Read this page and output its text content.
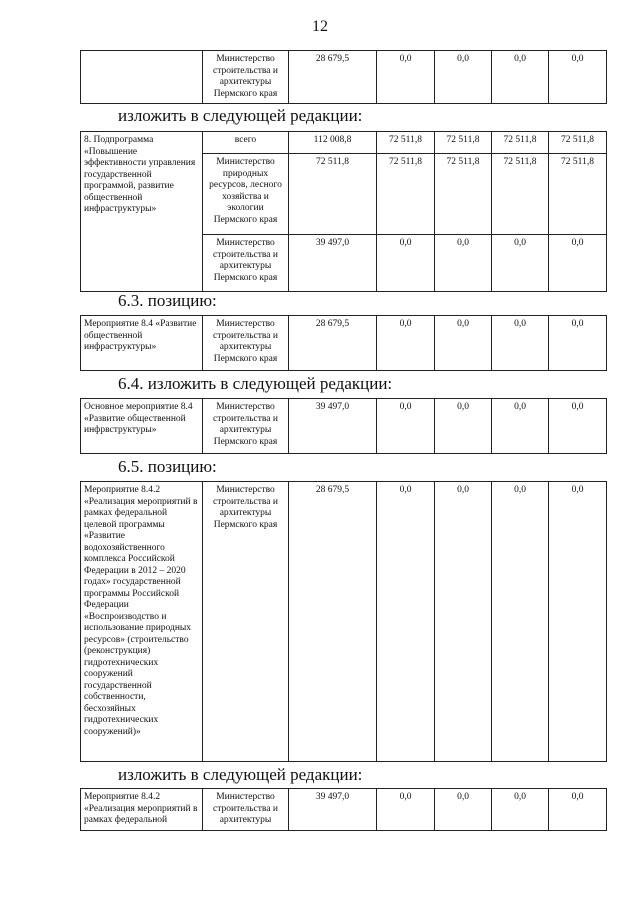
12
	Министерство строительства и архитектуры Пермского края	28 679,5	0,0	0,0	0,0	0,0
изложить в следующей редакции:
8. Подпрограмма «Повышение эффективности управления государственной программой, развитие общественной инфраструктуры»	всего	112 008,8	72 511,8	72 511,8	72 511,8	72 511,8
	Министерство природных ресурсов, лесного хозяйства и экологии Пермского края	72 511,8	72 511,8	72 511,8	72 511,8	72 511,8
	Министерство строительства и архитектуры Пермского края	39 497,0	0,0	0,0	0,0	0,0
6.3. позицию:
Мероприятие 8.4 «Развитие общественной инфраструктуры»	Министерство строительства и архитектуры Пермского края	28 679,5	0,0	0,0	0,0	0,0
6.4. изложить в следующей редакции:
Основное мероприятие 8.4 «Развитие общественной инфрвструктуры»	Министерство строительства и архитектуры Пермского края	39 497,0	0,0	0,0	0,0	0,0
6.5. позицию:
Мероприятие 8.4.2 «Реализация мероприятий в рамках федеральной целевой программы «Развитие водохозяйственного комплекса Российской Федерации в 2012 – 2020 годах» государственной программы Российской Федерации «Воспроизводство и использование природных ресурсов» (строительство (реконструкция) гидротехнических сооружений государственной собственности, бесхозяйных гидротехнических сооружений)»	Министерство строительства и архитектуры Пермского края	28 679,5	0,0	0,0	0,0	0,0
изложить в следующей редакции:
Мероприятие 8.4.2 «Реализация мероприятий в рамках федеральной	Министерство строительства и архитектуры	39 497,0	0,0	0,0	0,0	0,0
